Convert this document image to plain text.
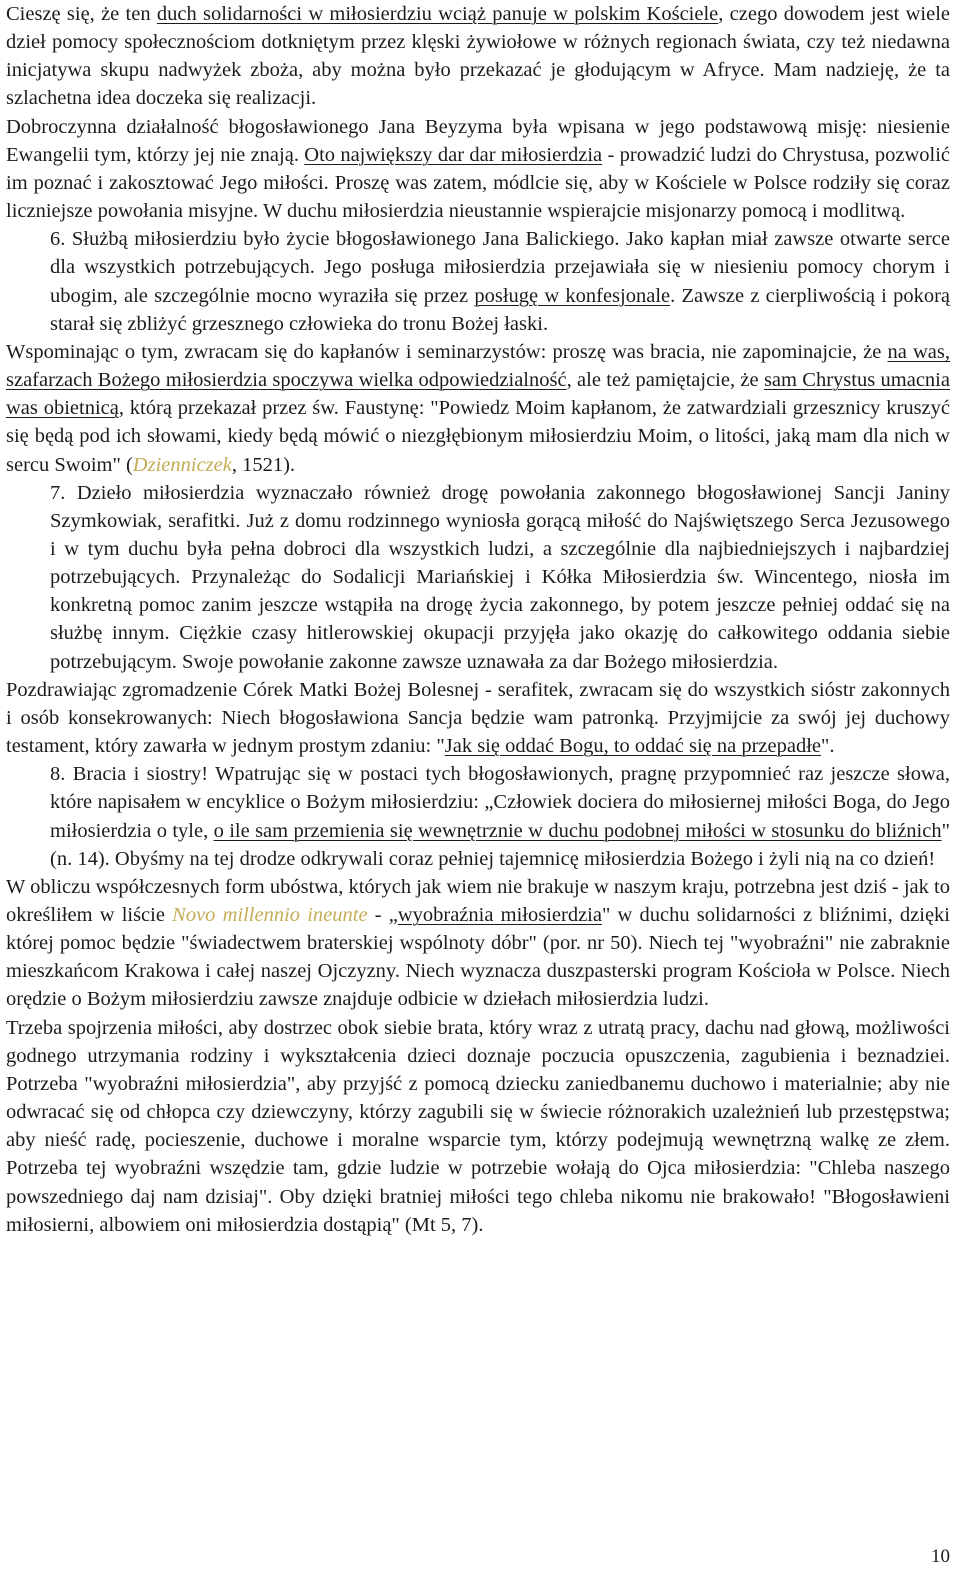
Cieszę się, że ten duch solidarności w miłosierdziu wciąż panuje w polskim Kościele, czego dowodem jest wiele dzieł pomocy społecznościom dotkniętym przez klęski żywiołowe w różnych regionach świata, czy też niedawna inicjatywa skupu nadwyżek zboża, aby można było przekazać je głodującym w Afryce. Mam nadzieję, że ta szlachetna idea doczeka się realizacji.

Dobroczynna działalność błogosławionego Jana Beyzyma była wpisana w jego podstawową misję: niesienie Ewangelii tym, którzy jej nie znają. Oto największy dar dar miłosierdzia - prowadzić ludzi do Chrystusa, pozwolić im poznać i zakosztować Jego miłości. Proszę was zatem, módlcie się, aby w Kościele w Polsce rodziły się coraz liczniejsze powołania misyjne. W duchu miłosierdzia nieustannie wspierajcie misjonarzy pomocą i modlitwą.

6. Służbą miłosierdziu było życie błogosławionego Jana Balickiego. Jako kapłan miał zawsze otwarte serce dla wszystkich potrzebujących. Jego posługa miłosierdzia przejawiała się w niesieniu pomocy chorym i ubogim, ale szczególnie mocno wyraziła się przez posługę w konfesjonale. Zawsze z cierpliwością i pokorą starał się zbliżyć grzesznego człowieka do tronu Bożej łaski.

Wspominając o tym, zwracam się do kapłanów i seminarzystów: proszę was bracia, nie zapominajcie, że na was, szafarzach Bożego miłosierdzia spoczywa wielka odpowiedzialność, ale też pamiętajcie, że sam Chrystus umacnia was obietnicą, którą przekazał przez św. Faustynę: "Powiedz Moim kapłanom, że zatwardziali grzesznicy kruszyć się będą pod ich słowami, kiedy będą mówić o niezgłębionym miłosierdziu Moim, o litości, jaką mam dla nich w sercu Swoim" (Dzienniczek, 1521).

7. Dzieło miłosierdzia wyznaczało również drogę powołania zakonnego błogosławionej Sancji Janiny Szymkowiak, serafitki. Już z domu rodzinnego wyniosła gorącą miłość do Najświętszego Serca Jezusowego i w tym duchu była pełna dobroci dla wszystkich ludzi, a szczególnie dla najbiedniejszych i najbardziej potrzebujących. Przynależąc do Sodalicji Mariańskiej i Kółka Miłosierdzia św. Wincentego, niosła im konkretną pomoc zanim jeszcze wstąpiła na drogę życia zakonnego, by potem jeszcze pełniej oddać się na służbę innym. Ciężkie czasy hitlerowskiej okupacji przyjęła jako okazję do całkowitego oddania siebie potrzebującym. Swoje powołanie zakonne zawsze uznawała za dar Bożego miłosierdzia.

Pozdrawiając zgromadzenie Córek Matki Bożej Bolesnej - serafitek, zwracam się do wszystkich sióstr zakonnych i osób konsekrowanych: Niech błogosławiona Sancja będzie wam patronką. Przyjmijcie za swój jej duchowy testament, który zawarła w jednym prostym zdaniu: "Jak się oddać Bogu, to oddać się na przepadłe".

8. Bracia i siostry! Wpatrując się w postaci tych błogosławionych, pragnę przypomnieć raz jeszcze słowa, które napisałem w encyklice o Bożym miłosierdziu: „Człowiek dociera do miłosiernej miłości Boga, do Jego miłosierdzia o tyle, o ile sam przemienia się wewnętrznie w duchu podobnej miłości w stosunku do bliźnich" (n. 14). Obyśmy na tej drodze odkrywali coraz pełniej tajemnicę miłosierdzia Bożego i żyli nią na co dzień!

W obliczu współczesnych form ubóstwa, których jak wiem nie brakuje w naszym kraju, potrzebna jest dziś - jak to określiłem w liście Novo millennio ineunte - „wyobraźnia miłosierdzia" w duchu solidarności z bliźnimi, dzięki której pomoc będzie "świadectwem braterskiej wspólnoty dóbr" (por. nr 50). Niech tej "wyobraźni" nie zabraknie mieszkańcom Krakowa i całej naszej Ojczyzny. Niech wyznacza duszpasterski program Kościoła w Polsce. Niech orędzie o Bożym miłosierdziu zawsze znajduje odbicie w dziełach miłosierdzia ludzi.

Trzeba spojrzenia miłości, aby dostrzec obok siebie brata, który wraz z utratą pracy, dachu nad głową, możliwości godnego utrzymania rodziny i wykształcenia dzieci doznaje poczucia opuszczenia, zagubienia i beznadziei. Potrzeba "wyobraźni miłosierdzia", aby przyjść z pomocą dziecku zaniedbanemu duchowo i materialnie; aby nie odwracać się od chłopca czy dziewczyny, którzy zagubili się w świecie różnorakich uzależnień lub przestępstwa; aby nieść radę, pocieszenie, duchowe i moralne wsparcie tym, którzy podejmują wewnętrzną walkę ze złem. Potrzeba tej wyobraźni wszędzie tam, gdzie ludzie w potrzebie wołają do Ojca miłosierdzia: "Chleba naszego powszedniego daj nam dzisiaj". Oby dzięki bratniej miłości tego chleba nikomu nie brakowało! "Błogosławieni miłosierni, albowiem oni miłosierdzia dostąpią" (Mt 5, 7).

10
